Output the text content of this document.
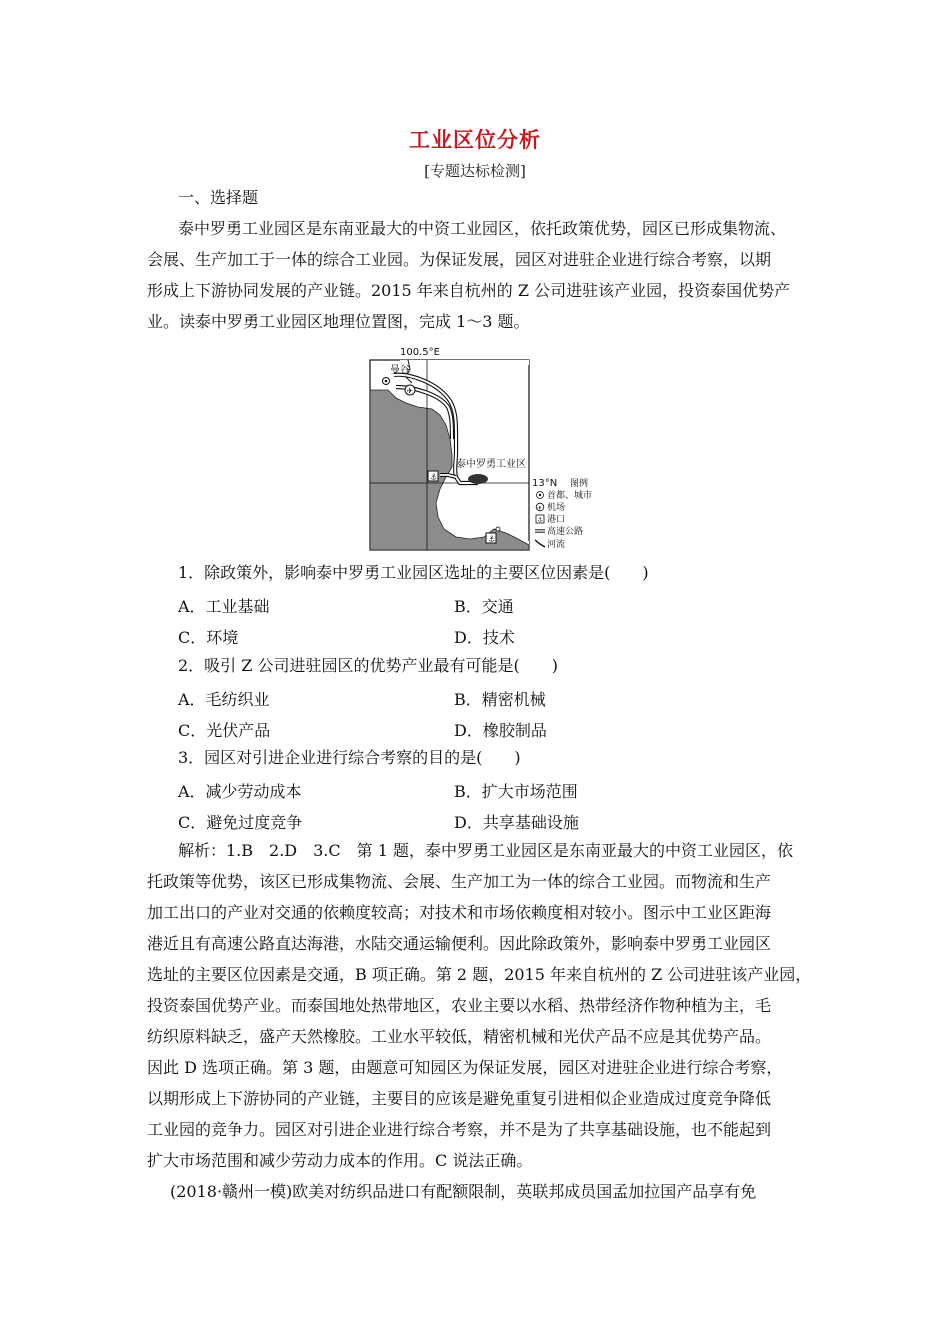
工业区位分析
[专题达标检测]
一、选择题
泰中罗勇工业园区是东南亚最大的中资工业园区，依托政策优势，园区已形成集物流、
会展、生产加工于一体的综合工业园。为保证发展，园区对进驻企业进行综合考察，以期
形成上下游协同发展的产业链。2015 年来自杭州的 Z 公司进驻该产业园，投资泰国优势产
业。读泰中罗勇工业园区地理位置图，完成 1～3 题。
100.5°E
曼谷
✈
泰中罗勇工业区
⚓
⚓
13°N 图例
首都、城市
✈ 机场
⚓ 港口
高速公路
河流
1．除政策外，影响泰中罗勇工业园区选址的主要区位因素是(　　)
A．工业基础	B．交通
C．环境	D．技术
2．吸引 Z 公司进驻园区的优势产业最有可能是(　　)
A．毛纺织业	B．精密机械
C．光伏产品	D．橡胶制品
3．园区对引进企业进行综合考察的目的是(　　)
A．减少劳动成本	B．扩大市场范围
C．避免过度竞争	D．共享基础设施
解析：1.B　2.D　3.C　第 1 题，泰中罗勇工业园区是东南亚最大的中资工业园区，依
托政策等优势，该区已形成集物流、会展、生产加工为一体的综合工业园。而物流和生产
加工出口的产业对交通的依赖度较高；对技术和市场依赖度相对较小。图示中工业区距海
港近且有高速公路直达海港，水陆交通运输便利。因此除政策外，影响泰中罗勇工业园区
选址的主要区位因素是交通，B 项正确。第 2 题，2015 年来自杭州的 Z 公司进驻该产业园，
投资泰国优势产业。而泰国地处热带地区，农业主要以水稻、热带经济作物种植为主，毛
纺织原料缺乏，盛产天然橡胶。工业水平较低，精密机械和光伏产品不应是其优势产品。
因此 D 选项正确。第 3 题，由题意可知园区为保证发展，园区对进驻企业进行综合考察，
以期形成上下游协同的产业链，主要目的应该是避免重复引进相似企业造成过度竞争降低
工业园的竞争力。园区对引进企业进行综合考察，并不是为了共享基础设施，也不能起到
扩大市场范围和减少劳动力成本的作用。C 说法正确。
(2018·赣州一模)欧美对纺织品进口有配额限制，英联邦成员国孟加拉国产品享有免
